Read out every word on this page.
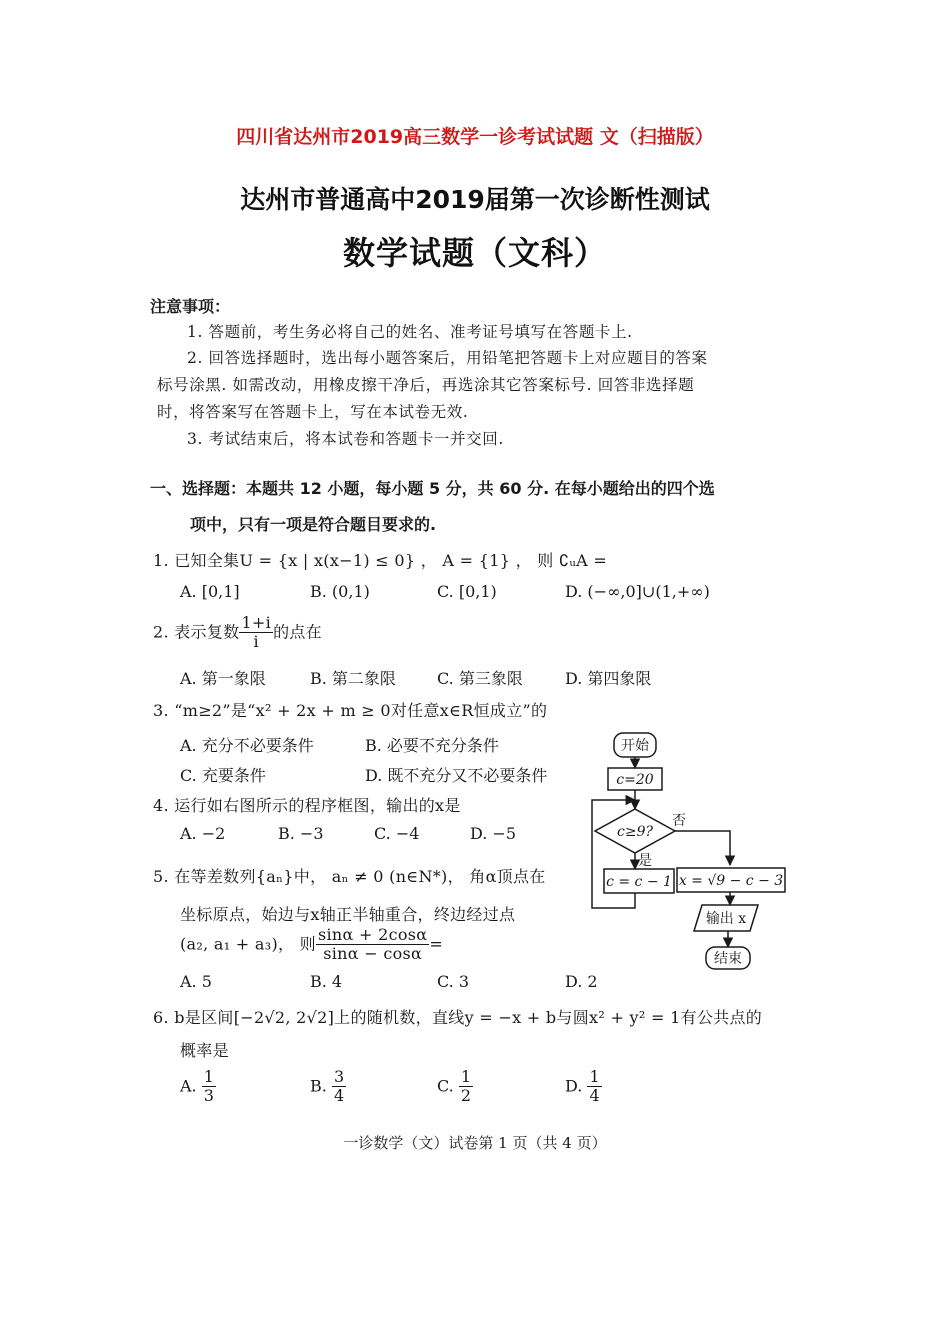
四川省达州市2019高三数学一诊考试试题 文（扫描版）
达州市普通高中2019届第一次诊断性测试
数学试题（文科）
注意事项：
1. 答题前，考生务必将自己的姓名、准考证号填写在答题卡上.
2. 回答选择题时，选出每小题答案后，用铅笔把答题卡上对应题目的答案
标号涂黑. 如需改动，用橡皮擦干净后，再选涂其它答案标号. 回答非选择题
时，将答案写在答题卡上，写在本试卷无效.
3. 考试结束后，将本试卷和答题卡一并交回.
一、选择题：本题共 12 小题，每小题 5 分，共 60 分. 在每小题给出的四个选
项中，只有一项是符合题目要求的.
1. 已知全集U = {x | x(x−1) ≤ 0} ， A = {1} ， 则 ∁ᵤA =
A. [0,1]	B. (0,1)	C. [0,1)	D. (−∞,0]∪(1,+∞)
2. 表示复数 $\frac{1+i}{i}$ 的点在
A. 第一象限	B. 第二象限	C. 第三象限	D. 第四象限
3. “m≥2”是“x² + 2x + m ≥ 0对任意x∈R恒成立”的
A. 充分不必要条件	B. 必要不充分条件
C. 充要条件	D. 既不充分又不必要条件
4. 运行如右图所示的程序框图，输出的x是
A. −2	B. −3	C. −4	D. −5
5. 在等差数列{aₙ}中， aₙ ≠ 0 (n∈N*)， 角α顶点在
坐标原点，始边与x轴正半轴重合，终边经过点
(a₂, a₁ + a₃)， 则 $\frac{\sin\alpha + 2\cos\alpha}{\sin\alpha - \cos\alpha}$ =
A. 5	B. 4	C. 3	D. 2
6. b是区间[−2√2, 2√2]上的随机数，直线y = −x + b与圆x² + y² = 1有公共点的
概率是
A. $\frac{1}{3}$	B. $\frac{3}{4}$	C. $\frac{1}{2}$	D. $\frac{1}{4}$
开始
c=20
c≥9?
否
是
c = c − 1 x = √9 − c − 3
输出 x
结束
一诊数学（文）试卷第 1 页（共 4 页）
